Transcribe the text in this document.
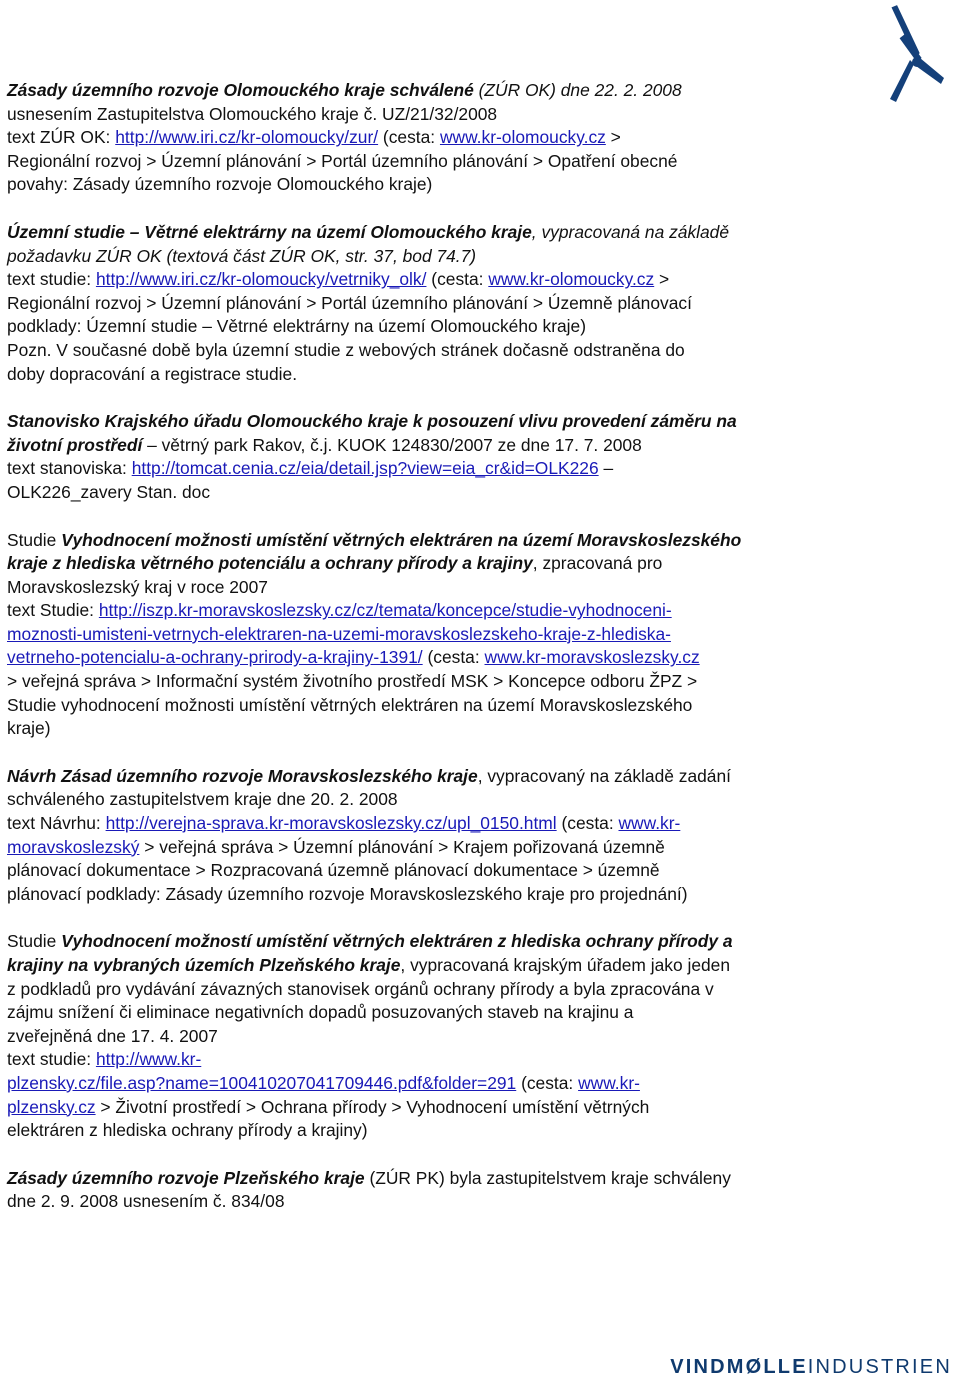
Zásady územního rozvoje Olomouckého kraje schválené (ZÚR OK) dne 22. 2. 2008

usnesením Zastupitelstva Olomouckého kraje č. UZ/21/32/2008

text ZÚR OK: http://www.iri.cz/kr-olomoucky/zur/ (cesta: www.kr-olomoucky.cz >

Regionální rozvoj > Územní plánování > Portál územního plánování > Opatření obecné

povahy: Zásady územního rozvoje Olomouckého kraje)

Územní studie – Větrné elektrárny na území Olomouckého kraje, vypracovaná na základě

požadavku ZÚR OK (textová část ZÚR OK, str. 37, bod 74.7)

text studie: http://www.iri.cz/kr-olomoucky/vetrniky_olk/ (cesta: www.kr-olomoucky.cz >

Regionální rozvoj > Územní plánování > Portál územního plánování > Územně plánovací

podklady: Územní studie – Větrné elektrárny na území Olomouckého kraje)

Pozn. V současné době byla územní studie z webových stránek dočasně odstraněna do

doby dopracování a registrace studie.

Stanovisko Krajského úřadu Olomouckého kraje k posouzení vlivu provedení záměru na

životní prostředí – větrný park Rakov, č.j. KUOK 124830/2007 ze dne 17. 7. 2008

text stanoviska: http://tomcat.cenia.cz/eia/detail.jsp?view=eia_cr&id=OLK226 –

OLK226_zavery Stan. doc

Studie Vyhodnocení možnosti umístění větrných elektráren na území Moravskoslezského

kraje z hlediska větrného potenciálu a ochrany přírody a krajiny, zpracovaná pro

Moravskoslezský kraj v roce 2007

text Studie: http://iszp.kr-moravskoslezsky.cz/cz/temata/koncepce/studie-vyhodnoceni-

moznosti-umisteni-vetrnych-elektraren-na-uzemi-moravskoslezskeho-kraje-z-hlediska-

vetrneho-potencialu-a-ochrany-prirody-a-krajiny-1391/ (cesta: www.kr-moravskoslezsky.cz

> veřejná správa > Informační systém životního prostředí MSK > Koncepce odboru ŽPZ >

Studie vyhodnocení možnosti umístění větrných elektráren na území Moravskoslezského

kraje)

Návrh Zásad územního rozvoje Moravskoslezského kraje, vypracovaný na základě zadání

schváleného zastupitelstvem kraje dne 20. 2. 2008

text Návrhu: http://verejna-sprava.kr-moravskoslezsky.cz/upl_0150.html (cesta: www.kr-

moravskoslezský > veřejná správa > Územní plánování > Krajem pořizovaná územně

plánovací dokumentace > Rozpracovaná územně plánovací dokumentace > územně

plánovací podklady: Zásady územního rozvoje Moravskoslezského kraje pro projednání)

Studie Vyhodnocení možností umístění větrných elektráren z hlediska ochrany přírody a

krajiny na vybraných územích Plzeňského kraje, vypracovaná krajským úřadem jako jeden

z podkladů pro vydávání závazných stanovisek orgánů ochrany přírody a byla zpracována v

zájmu snížení či eliminace negativních dopadů posuzovaných staveb na krajinu a

zveřejněná dne 17. 4. 2007

text studie: http://www.kr-

plzensky.cz/file.asp?name=100410207041709446.pdf&folder=291 (cesta: www.kr-

plzensky.cz > Životní prostředí > Ochrana přírody > Vyhodnocení umístění větrných

elektráren z hlediska ochrany přírody a krajiny)

Zásady územního rozvoje Plzeňského kraje (ZÚR PK) byla zastupitelstvem kraje schváleny

dne 2. 9. 2008 usnesením č. 834/08

VINDMØLLEINDUSTRIEN
